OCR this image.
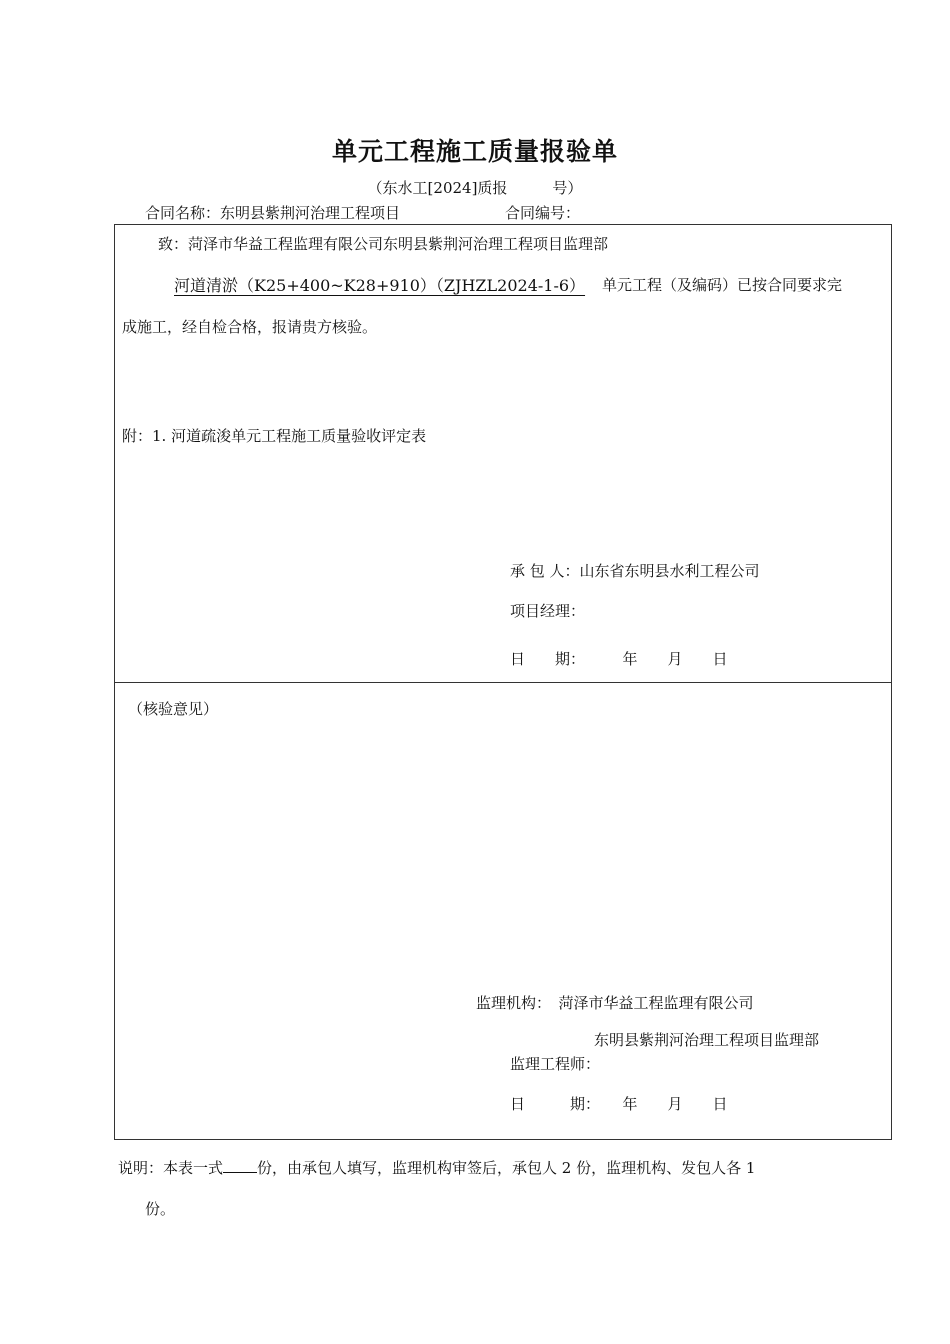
单元工程施工质量报验单
（东水工[2024]质报　　　号）
合同名称：东明县紫荆河治理工程项目	合同编号：
致：菏泽市华益工程监理有限公司东明县紫荆河治理工程项目监理部
河道清淤（K25+400~K28+910）（ZJHZL2024-1-6） 单元工程（及编码）已按合同要求完
成施工，经自检合格，报请贵方核验。
附：1. 河道疏浚单元工程施工质量验收评定表
承 包 人：山东省东明县水利工程公司
项目经理：
日　　期：　　　年　　月　　日
（核验意见）
监理机构：　菏泽市华益工程监理有限公司
东明县紫荆河治理工程项目监理部
监理工程师：
日　　　期：　　年　　月　　日
说明：本表一式 份，由承包人填写，监理机构审签后，承包人 2 份，监理机构、发包人各 1
份。
